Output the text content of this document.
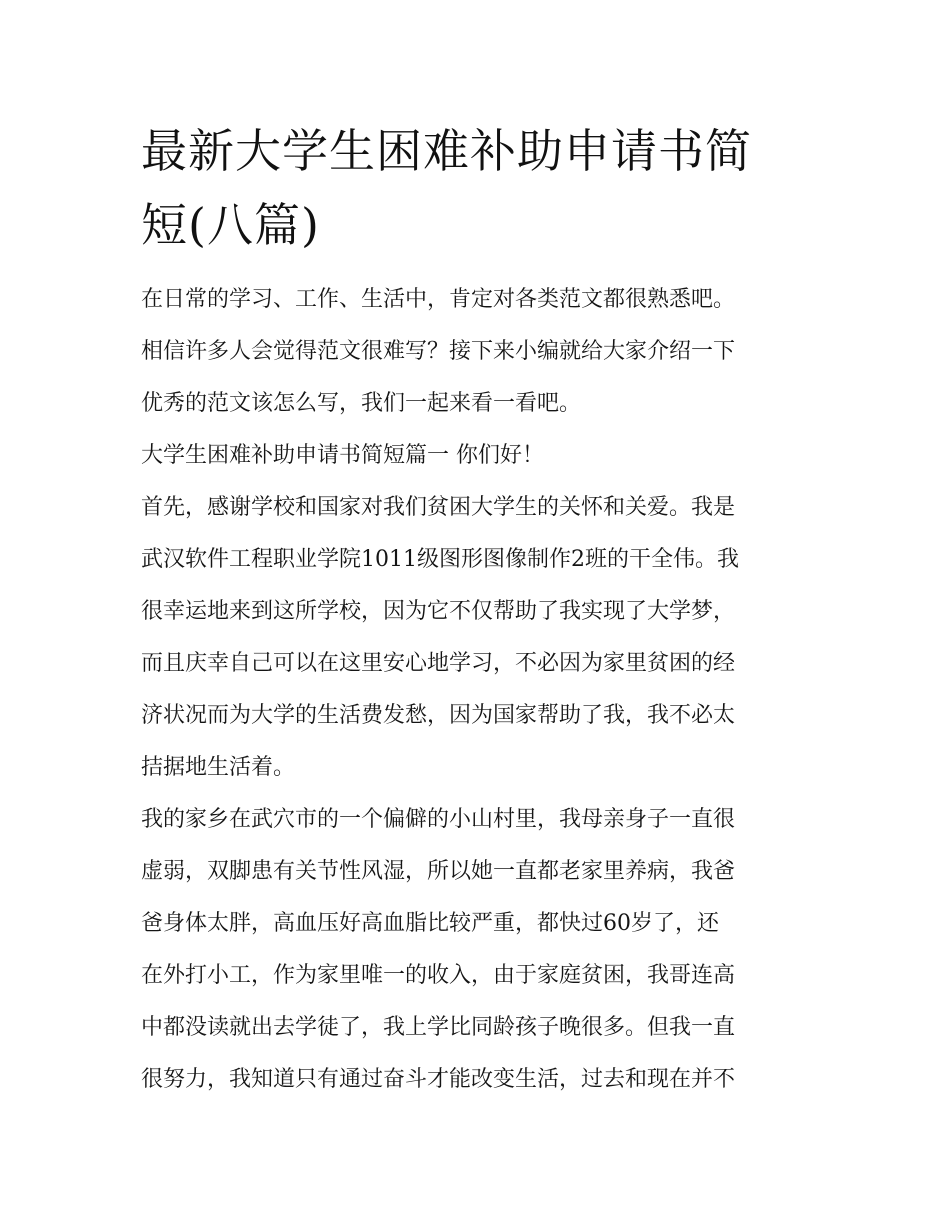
最新大学生困难补助申请书简
短(八篇)
在日常的学习、工作、生活中，肯定对各类范文都很熟悉吧。
相信许多人会觉得范文很难写？接下来小编就给大家介绍一下
优秀的范文该怎么写，我们一起来看一看吧。
大学生困难补助申请书简短篇一 你们好！
首先，感谢学校和国家对我们贫困大学生的关怀和关爱。我是
武汉软件工程职业学院1011级图形图像制作2班的干全伟。我
很幸运地来到这所学校，因为它不仅帮助了我实现了大学梦，
而且庆幸自己可以在这里安心地学习，不必因为家里贫困的经
济状况而为大学的生活费发愁，因为国家帮助了我，我不必太
拮据地生活着。
我的家乡在武穴市的一个偏僻的小山村里，我母亲身子一直很
虚弱，双脚患有关节性风湿，所以她一直都老家里养病，我爸
爸身体太胖，高血压好高血脂比较严重，都快过60岁了，还
在外打小工，作为家里唯一的收入，由于家庭贫困，我哥连高
中都没读就出去学徒了，我上学比同龄孩子晚很多。但我一直
很努力，我知道只有通过奋斗才能改变生活，过去和现在并不
